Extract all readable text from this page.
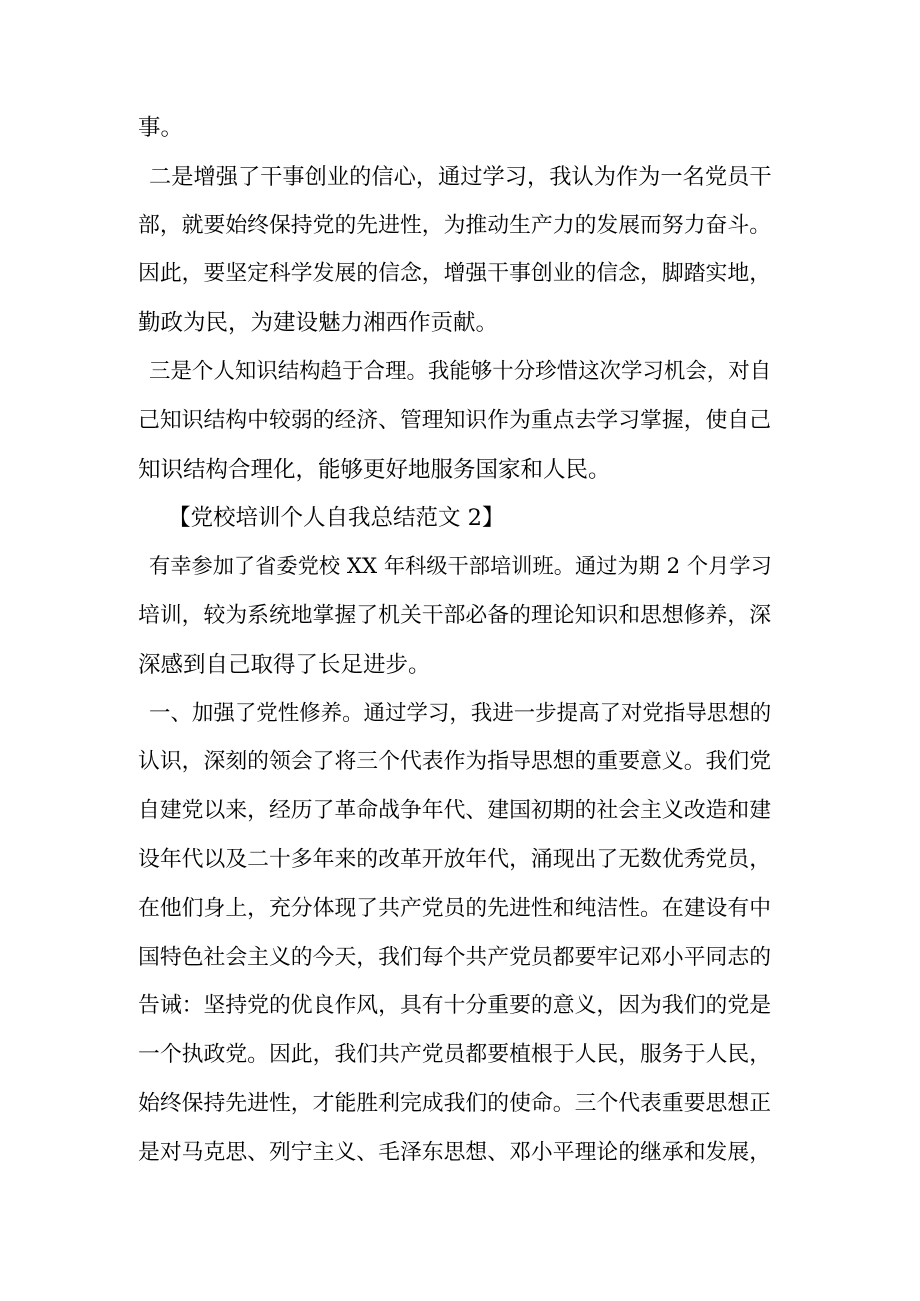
事。
二是增强了干事创业的信心，通过学习，我认为作为一名党员干
部，就要始终保持党的先进性，为推动生产力的发展而努力奋斗。
因此，要坚定科学发展的信念，增强干事创业的信念，脚踏实地，
勤政为民，为建设魅力湘西作贡献。
三是个人知识结构趋于合理。我能够十分珍惜这次学习机会，对自
己知识结构中较弱的经济、管理知识作为重点去学习掌握，使自己
知识结构合理化，能够更好地服务国家和人民。
【党校培训个人自我总结范文 2】
有幸参加了省委党校 XX 年科级干部培训班。通过为期 2 个月学习
培训，较为系统地掌握了机关干部必备的理论知识和思想修养，深
深感到自己取得了长足进步。
一、加强了党性修养。通过学习，我进一步提高了对党指导思想的
认识，深刻的领会了将三个代表作为指导思想的重要意义。我们党
自建党以来，经历了革命战争年代、建国初期的社会主义改造和建
设年代以及二十多年来的改革开放年代，涌现出了无数优秀党员，
在他们身上，充分体现了共产党员的先进性和纯洁性。在建设有中
国特色社会主义的今天，我们每个共产党员都要牢记邓小平同志的
告诫：坚持党的优良作风，具有十分重要的意义，因为我们的党是
一个执政党。因此，我们共产党员都要植根于人民，服务于人民，
始终保持先进性，才能胜利完成我们的使命。三个代表重要思想正
是对马克思、列宁主义、毛泽东思想、邓小平理论的继承和发展，
